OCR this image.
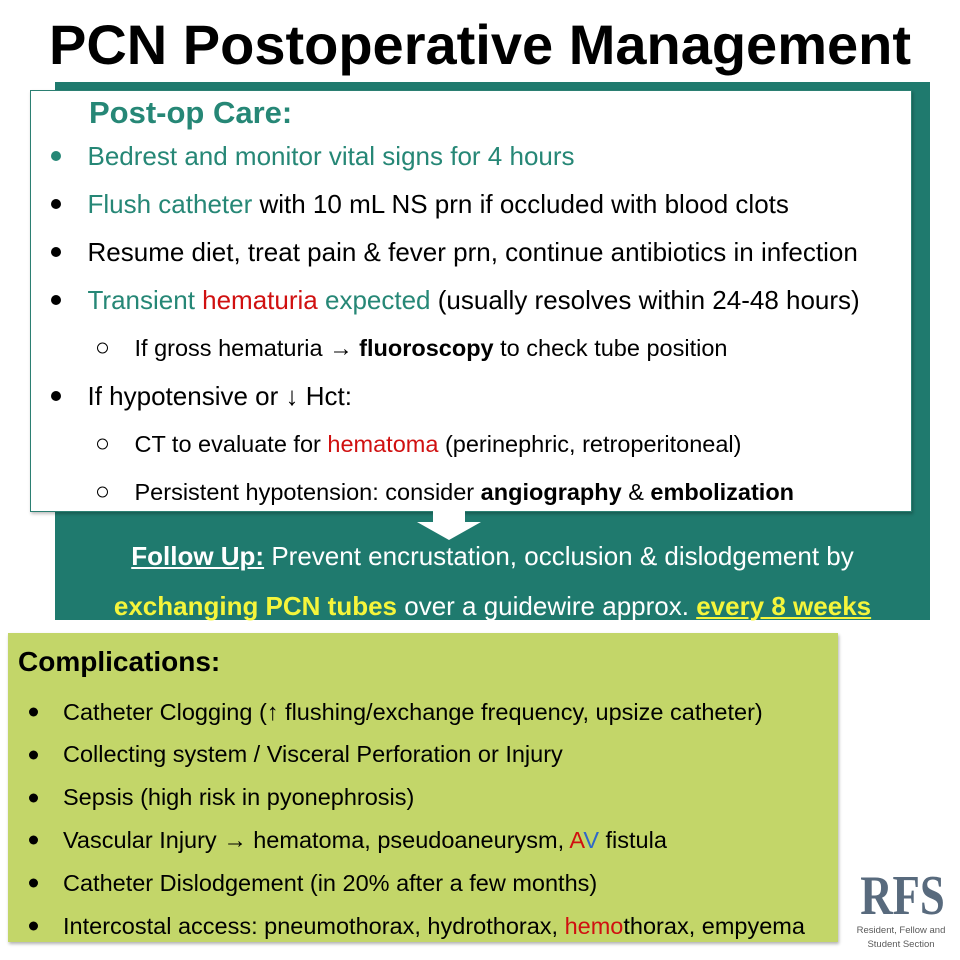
PCN Postoperative Management
Follow Up: Prevent encrustation, occlusion & dislodgement by
exchanging PCN tubes over a guidewire approx. every 8 weeks
Post-op Care:
Bedrest and monitor vital signs for 4 hours
Flush catheter with 10 mL NS prn if occluded with blood clots
Resume diet, treat pain & fever prn, continue antibiotics in infection
Transient hematuria expected (usually resolves within 24-48 hours)
If gross hematuria → fluoroscopy to check tube position
If hypotensive or ↓ Hct:
CT to evaluate for hematoma (perinephric, retroperitoneal)
Persistent hypotension: consider angiography & embolization
Complications:
Catheter Clogging (↑ flushing/exchange frequency, upsize catheter)
Collecting system / Visceral Perforation or Injury
Sepsis (high risk in pyonephrosis)
Vascular Injury → hematoma, pseudoaneurysm, AV fistula
Catheter Dislodgement (in 20% after a few months)
Intercostal access: pneumothorax, hydrothorax, hemothorax, empyema RFS
Resident, Fellow and
Student Section
